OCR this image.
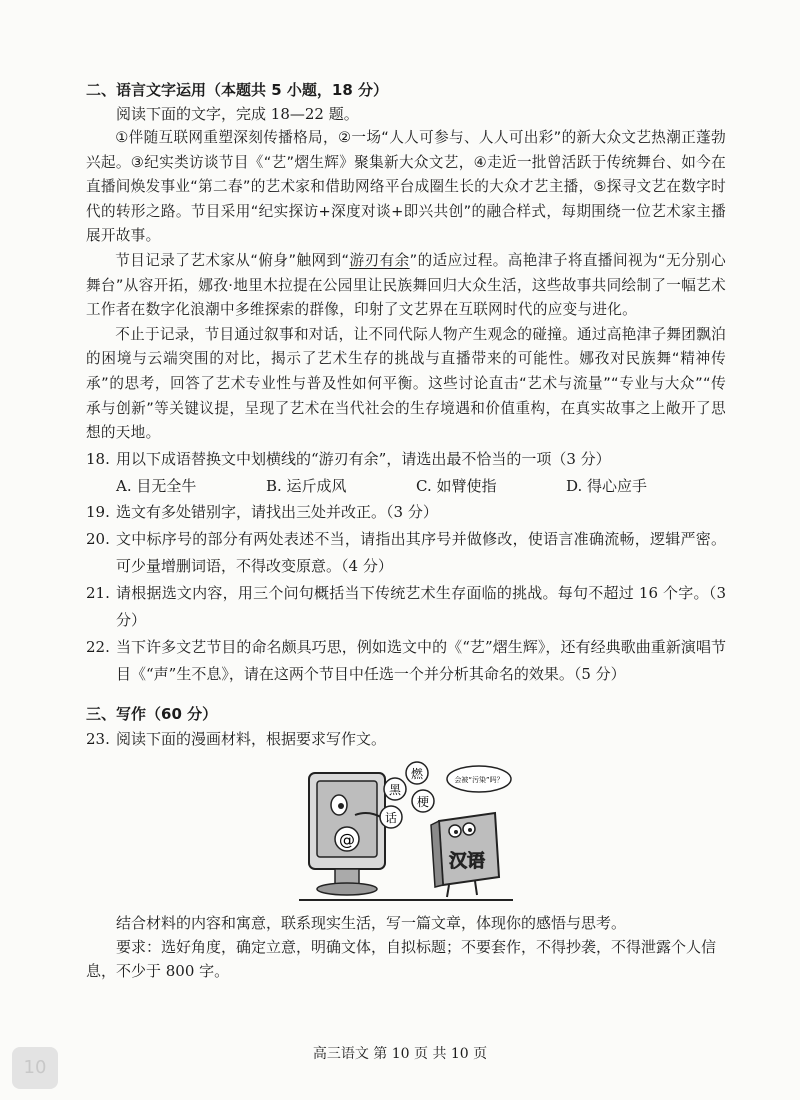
二、语言文字运用（本题共 5 小题，18 分）

阅读下面的文字，完成 18—22 题。

①伴随互联网重塑深刻传播格局，②一场“人人可参与、人人可出彩”的新大众文艺热潮正蓬勃兴起。③纪实类访谈节目《“艺”熠生辉》聚集新大众文艺，④走近一批曾活跃于传统舞台、如今在直播间焕发事业“第二春”的艺术家和借助网络平台成圈生长的大众才艺主播，⑤探寻文艺在数字时代的转形之路。节目采用“纪实探访+深度对谈+即兴共创”的融合样式，每期围绕一位艺术家主播展开故事。

节目记录了艺术家从“俯身”触网到“游刃有余”的适应过程。高艳津子将直播间视为“无分别心舞台”从容开拓，娜孜·地里木拉提在公园里让民族舞回归大众生活，这些故事共同绘制了一幅艺术工作者在数字化浪潮中多维探索的群像，印射了文艺界在互联网时代的应变与进化。

不止于记录，节目通过叙事和对话，让不同代际人物产生观念的碰撞。通过高艳津子舞团飘泊的困境与云端突围的对比，揭示了艺术生存的挑战与直播带来的可能性。娜孜对民族舞“精神传承”的思考，回答了艺术专业性与普及性如何平衡。这些讨论直击“艺术与流量”“专业与大众”“传承与创新”等关键议提，呈现了艺术在当代社会的生存境遇和价值重构，在真实故事之上敞开了思想的天地。

18. 用以下成语替换文中划横线的“游刃有余”，请选出最不恰当的一项（3 分）
A. 目无全牛	B. 运斤成风	C. 如臂使指	D. 得心应手
19. 选文有多处错别字，请找出三处并改正。（3 分）
20. 文中标序号的部分有两处表述不当，请指出其序号并做修改，使语言准确流畅，逻辑严密。可少量增删词语，不得改变原意。（4 分）
21. 请根据选文内容，用三个问句概括当下传统艺术生存面临的挑战。每句不超过 16 个字。（3 分）
22. 当下许多文艺节目的命名颇具巧思，例如选文中的《“艺”熠生辉》，还有经典歌曲重新演唱节目《“声”生不息》，请在这两个节目中任选一个并分析其命名的效果。（5 分）

三、写作（60 分）

23. 阅读下面的漫画材料，根据要求写作文。
@
黑
话
燃
梗
会被“污染”吗？
汉语

结合材料的内容和寓意，联系现实生活，写一篇文章，体现你的感悟与思考。

要求：选好角度，确定立意，明确文体，自拟标题；不要套作，不得抄袭，不得泄露个人信息，不少于 800 字。

高三语文 第 10 页 共 10 页
10
